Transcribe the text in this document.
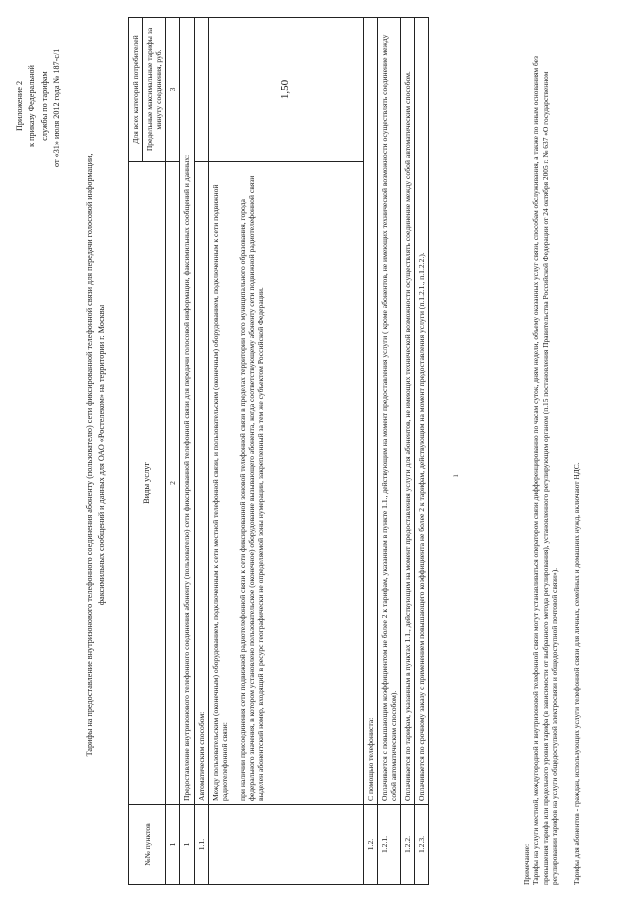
Приложение 2 к приказу Федеральной службы по тарифам от «31» июля 2012 года № 187-с/1
Тарифы на предоставление внутризонового телефонного соединения абоненту (пользователю) сети фиксированной телефонной связи для передачи голосовой информации, факсимильных сообщений и данных для ОАО «Ростелеком» на территории г. Москвы
№№ пунктов	Виды услуг	Для всех категорий потребителей
		Предельные максимальные тарифы за минуту соединения, руб.
1	2	3
1	Предоставление внутризонового телефонного соединения абоненту (пользователю) сети фиксированной телефонной связи для передачи голосовой информации, факсимильных сообщений и данных:	
1.1.	Автоматическим способом:	

	Между пользовательским (оконечным) оборудованием, подключенным к сети местной телефонной связи, и пользовательским (оконечным) оборудованием, подключенным к сети подвижной радиотелефонной связи: при наличии присоединения сети подвижной радиотелефонной связи к сети фиксированной зоновой телефонной связи в пределах территории того муниципального образования, города федерального значения, в котором установлено пользовательское (оконечное) оборудование вызывающего абонента, когда соответствующему абоненту сети подвижной радиотелефонной связи выделен абонентский номер, входящий в ресурс географически не определяемой зоны нумерации, закрепленный за тем же субъектом Российской Федерации.	1,50
1.2.	С помощью телефониста:	
1.2.1.	Оплачивается с повышающим коэффициентом не более 2 к тарифам, указанным в пункте 1.1., действующим на момент предоставления услуги ( кроме абонентов, не имеющих технической возможности осуществлять соединение между собой автоматическим способом).	
1.2.2.	Оплачивается по тарифам, указанным в пунктах 1.1., действующим на момент предоставления услуги для абонентов, не имеющих технической возможности осуществлять соединение между собой автоматическим способом.	
1.2.3.	Оплачивается по срочному заказу с применением повышающего коэффициента не более 2 к тарифам, действующим на момент предоставления услуги (п.1.2.1., п.1.2.2.).	

Примечание: Тарифы на услуги местной, междугородной и внутризоновой телефонной связи могут устанавливаться оператором связи дифференцированно по часам суток, дням недели, объему оказанных услуг связи, способам обслуживания, а также по иным основаниям без превышения тарифа или предельного уровня тарифа (в зависимости от выбранного метода регулирования), установленного регулирующим органом (п.15 постановления Правительства Российской Федерации от 24 октября 2005 г. № 637 «О государственном регулировании тарифов на услуги общедоступной электросвязи и общедоступной почтовой связи»). Тарифы для абонентов - граждан, использующих услуги телефонной связи для личных, семейных и домашних нужд, включают НДС.

ı
